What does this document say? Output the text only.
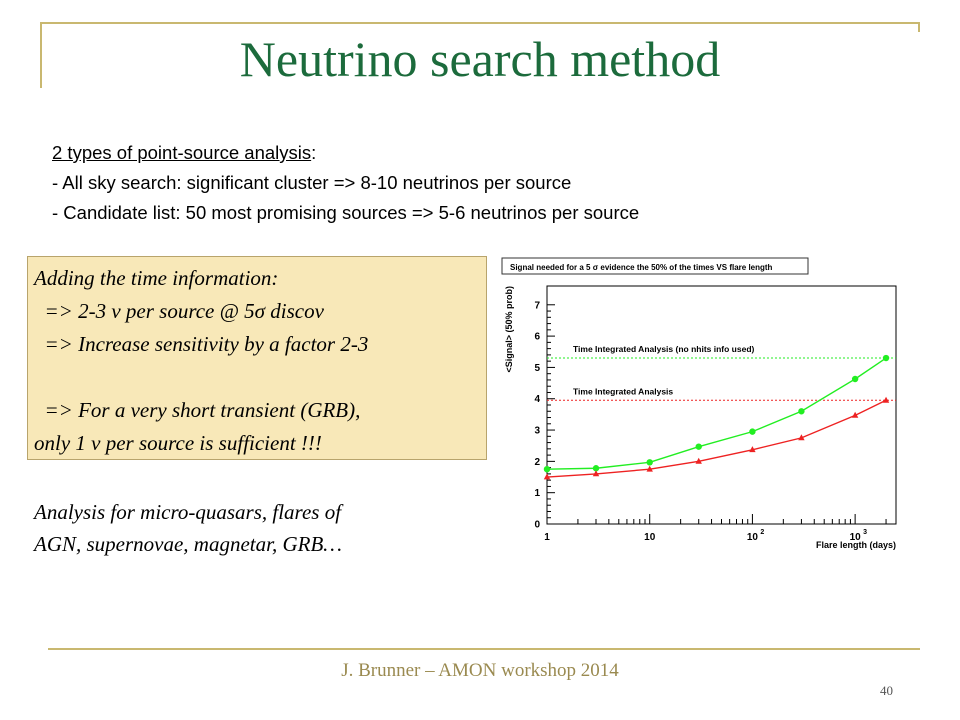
Neutrino search method
2 types of point-source analysis:
- All sky search: significant cluster => 8-10 neutrinos per source
- Candidate list: 50 most promising sources => 5-6 neutrinos per source
Adding the time information:
=> 2-3 ν per source @ 5σ discov
=> Increase sensitivity by a factor 2-3
=> For a very short transient (GRB),
only 1 ν per source is sufficient !!!
Analysis for micro-quasars, flares of
AGN, supernovae, magnetar, GRB…
Signal needed for a 5 σ evidence the 50% of the times VS flare length
0
1
2
3
4
5
6
7
1	10	10 2	10 3
Flare length (days)
<Signal> (50% prob)	Time Integrated Analysis (no nhits info used)
Time Integrated Analysis
J. Brunner – AMON workshop 2014
40
